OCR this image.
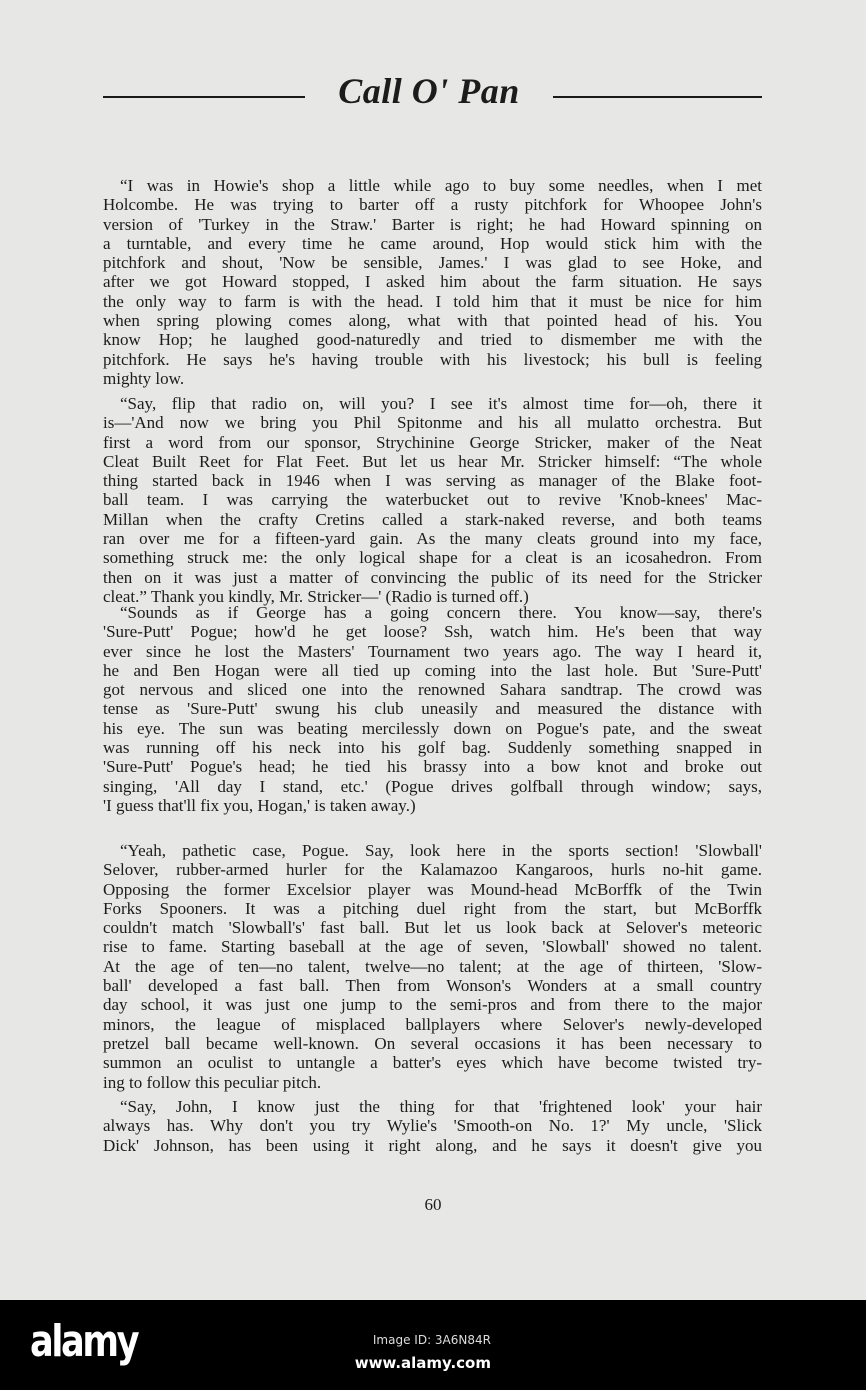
Call O' Pan
“I was in Howie's shop a little while ago to buy some needles, when I met
Holcombe. He was trying to barter off a rusty pitchfork for Whoopee John's
version of 'Turkey in the Straw.' Barter is right; he had Howard spinning on
a turntable, and every time he came around, Hop would stick him with the
pitchfork and shout, 'Now be sensible, James.' I was glad to see Hoke, and
after we got Howard stopped, I asked him about the farm situation. He says
the only way to farm is with the head. I told him that it must be nice for him
when spring plowing comes along, what with that pointed head of his. You
know Hop; he laughed good-naturedly and tried to dismember me with the
pitchfork. He says he's having trouble with his livestock; his bull is feeling
mighty low.
“Say, flip that radio on, will you? I see it's almost time for—oh, there it
is—'And now we bring you Phil Spitonme and his all mulatto orchestra. But
first a word from our sponsor, Strychinine George Stricker, maker of the Neat
Cleat Built Reet for Flat Feet. But let us hear Mr. Stricker himself: “The whole
thing started back in 1946 when I was serving as manager of the Blake foot-
ball team. I was carrying the waterbucket out to revive 'Knob-knees' Mac-
Millan when the crafty Cretins called a stark-naked reverse, and both teams
ran over me for a fifteen-yard gain. As the many cleats ground into my face,
something struck me: the only logical shape for a cleat is an icosahedron. From
then on it was just a matter of convincing the public of its need for the Stricker
cleat.” Thank you kindly, Mr. Stricker—' (Radio is turned off.)
“Sounds as if George has a going concern there. You know—say, there's
'Sure-Putt' Pogue; how'd he get loose? Ssh, watch him. He's been that way
ever since he lost the Masters' Tournament two years ago. The way I heard it,
he and Ben Hogan were all tied up coming into the last hole. But 'Sure-Putt'
got nervous and sliced one into the renowned Sahara sandtrap. The crowd was
tense as 'Sure-Putt' swung his club uneasily and measured the distance with
his eye. The sun was beating mercilessly down on Pogue's pate, and the sweat
was running off his neck into his golf bag. Suddenly something snapped in
'Sure-Putt' Pogue's head; he tied his brassy into a bow knot and broke out
singing, 'All day I stand, etc.' (Pogue drives golfball through window; says,
'I guess that'll fix you, Hogan,' is taken away.)
“Yeah, pathetic case, Pogue. Say, look here in the sports section! 'Slowball'
Selover, rubber-armed hurler for the Kalamazoo Kangaroos, hurls no-hit game.
Opposing the former Excelsior player was Mound-head McBorffk of the Twin
Forks Spooners. It was a pitching duel right from the start, but McBorffk
couldn't match 'Slowball's' fast ball. But let us look back at Selover's meteoric
rise to fame. Starting baseball at the age of seven, 'Slowball' showed no talent.
At the age of ten—no talent, twelve—no talent; at the age of thirteen, 'Slow-
ball' developed a fast ball. Then from Wonson's Wonders at a small country
day school, it was just one jump to the semi-pros and from there to the major
minors, the league of misplaced ballplayers where Selover's newly-developed
pretzel ball became well-known. On several occasions it has been necessary to
summon an oculist to untangle a batter's eyes which have become twisted try-
ing to follow this peculiar pitch.
“Say, John, I know just the thing for that 'frightened look' your hair
always has. Why don't you try Wylie's 'Smooth-on No. 1?' My uncle, 'Slick
Dick' Johnson, has been using it right along, and he says it doesn't give you
60
alamy	Image ID: 3A6N84R
www.alamy.com
